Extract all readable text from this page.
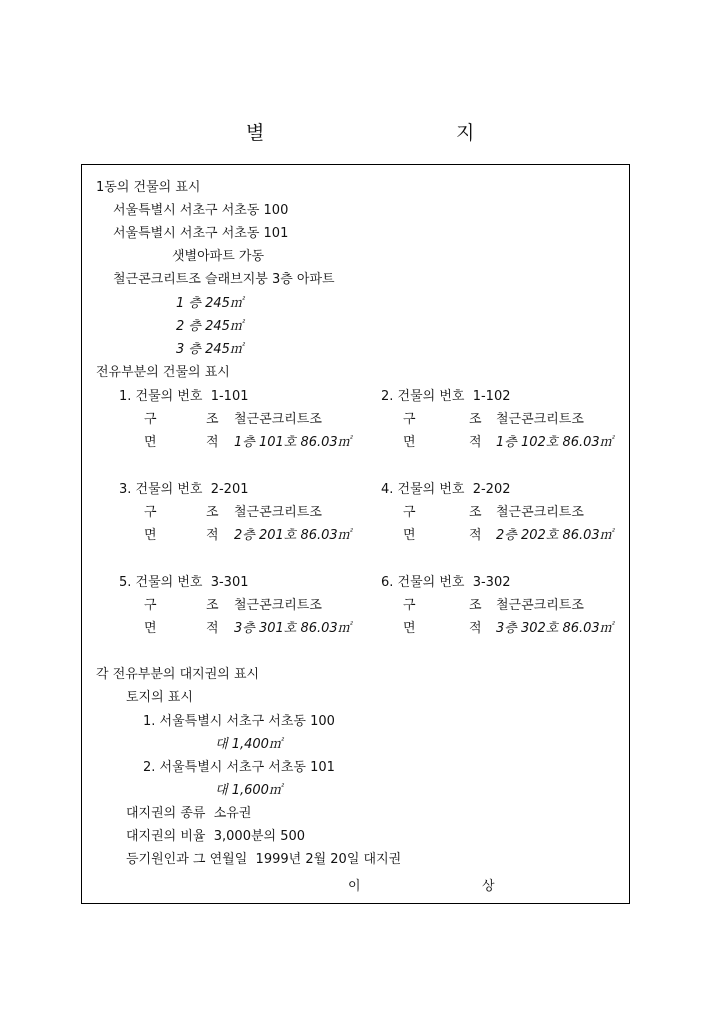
별	지
1동의 건물의 표시
서울특별시 서초구 서초동 100
서울특별시 서초구 서초동 101
샛별아파트 가동
철근콘크리트조 슬래브지붕 3층 아파트
1 층 245㎡
2 층 245㎡
3 층 245㎡
전유부분의 건물의 표시
1. 건물의 번호  1-101
구	조 철근콘크리트조
면	적 1층 101호 86.03㎡
2. 건물의 번호  1-102
구	조 철근콘크리트조
면	적 1층 102호 86.03㎡
3. 건물의 번호  2-201
구	조 철근콘크리트조
면	적 2층 201호 86.03㎡
4. 건물의 번호  2-202
구	조 철근콘크리트조
면	적 2층 202호 86.03㎡
5. 건물의 번호  3-301
구	조 철근콘크리트조
면	적 3층 301호 86.03㎡
6. 건물의 번호  3-302
구	조 철근콘크리트조
면	적 3층 302호 86.03㎡
각 전유부분의 대지권의 표시
토지의 표시
1. 서울특별시 서초구 서초동 100
대 1,400㎡
2. 서울특별시 서초구 서초동 101
대 1,600㎡
대지권의 종류  소유권
대지권의 비율  3,000분의 500
등기원인과 그 연월일  1999년 2월 20일 대지권
이	상
